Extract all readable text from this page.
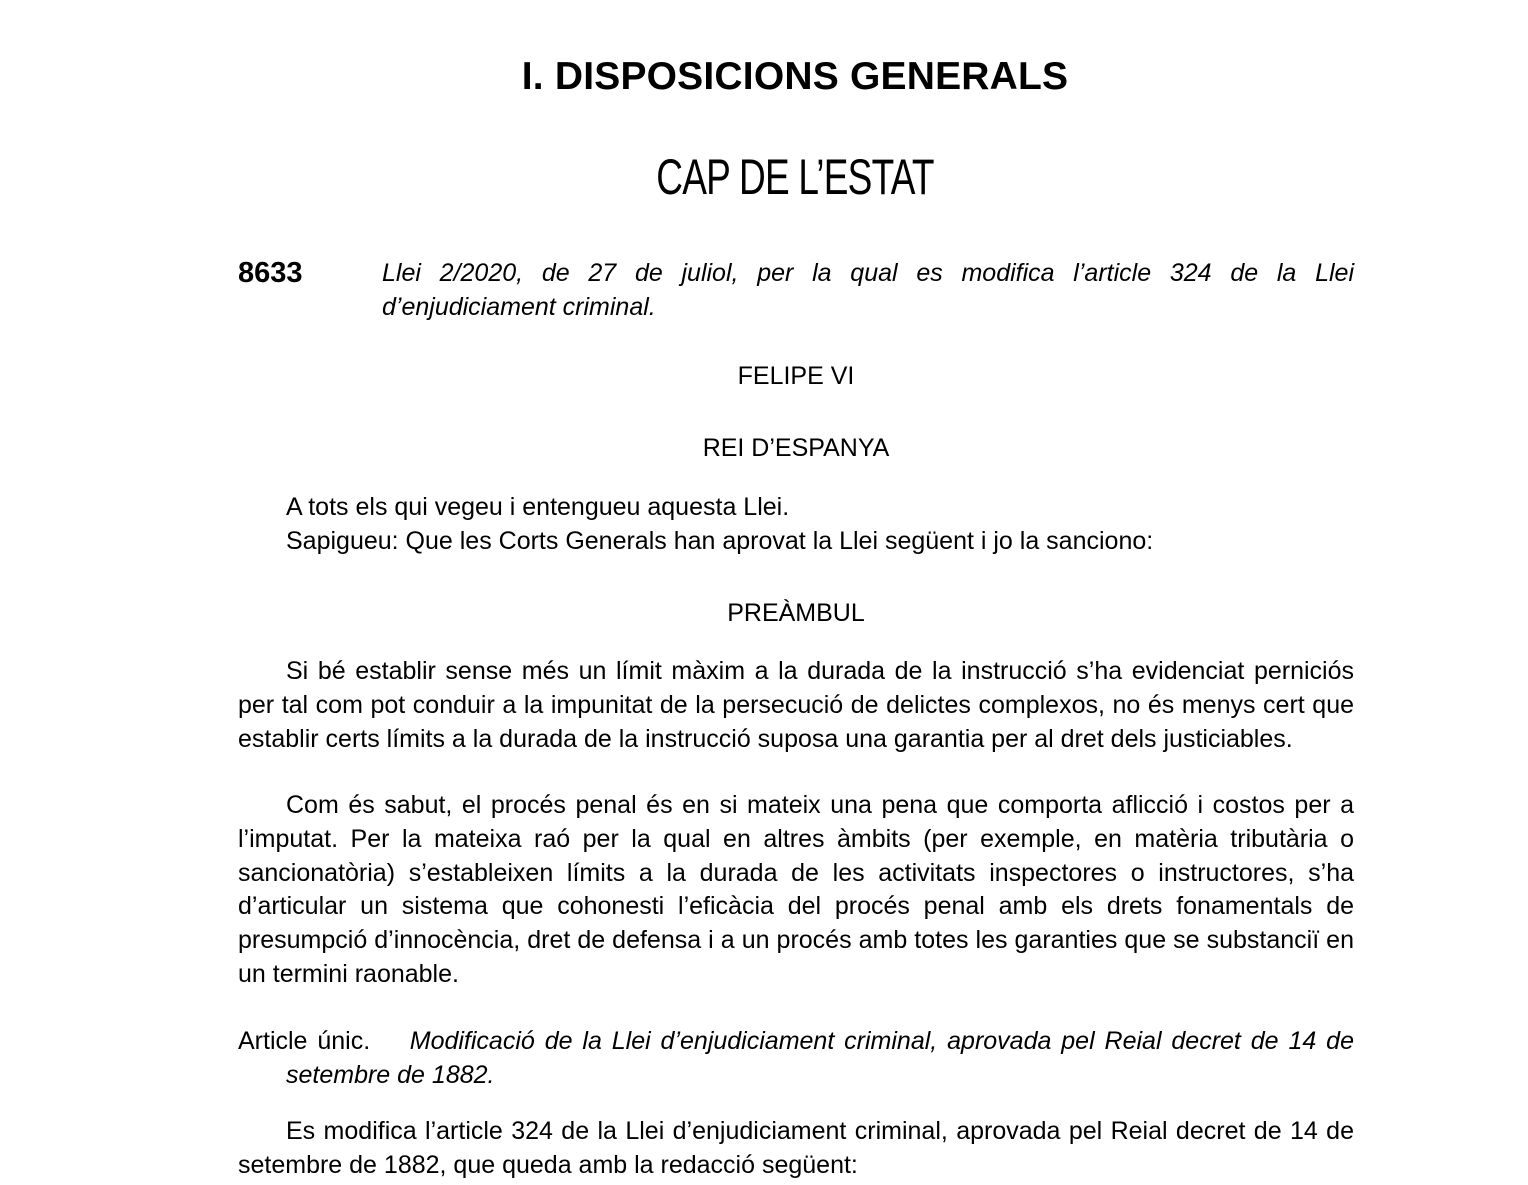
I. DISPOSICIONS GENERALS
CAP DE L’ESTAT
8633	Llei 2/2020, de 27 de juliol, per la qual es modifica l’article 324 de la Llei d’enjudiciament criminal.
FELIPE VI
REI D’ESPANYA
A tots els qui vegeu i entengueu aquesta Llei.
Sapigueu: Que les Corts Generals han aprovat la Llei següent i jo la sanciono:
PREÀMBUL
Si bé establir sense més un límit màxim a la durada de la instrucció s’ha evidenciat perniciós per tal com pot conduir a la impunitat de la persecució de delictes complexos, no és menys cert que establir certs límits a la durada de la instrucció suposa una garantia per al dret dels justiciables.
Com és sabut, el procés penal és en si mateix una pena que comporta aflicció i costos per a l’imputat. Per la mateixa raó per la qual en altres àmbits (per exemple, en matèria tributària o sancionatòria) s’estableixen límits a la durada de les activitats inspectores o instructores, s’ha d’articular un sistema que cohonesti l’eficàcia del procés penal amb els drets fonamentals de presumpció d’innocència, dret de defensa i a un procés amb totes les garanties que se substanciï en un termini raonable.
Article únic. Modificació de la Llei d’enjudiciament criminal, aprovada pel Reial decret de 14 de setembre de 1882.
Es modifica l’article 324 de la Llei d’enjudiciament criminal, aprovada pel Reial decret de 14 de setembre de 1882, que queda amb la redacció següent:
